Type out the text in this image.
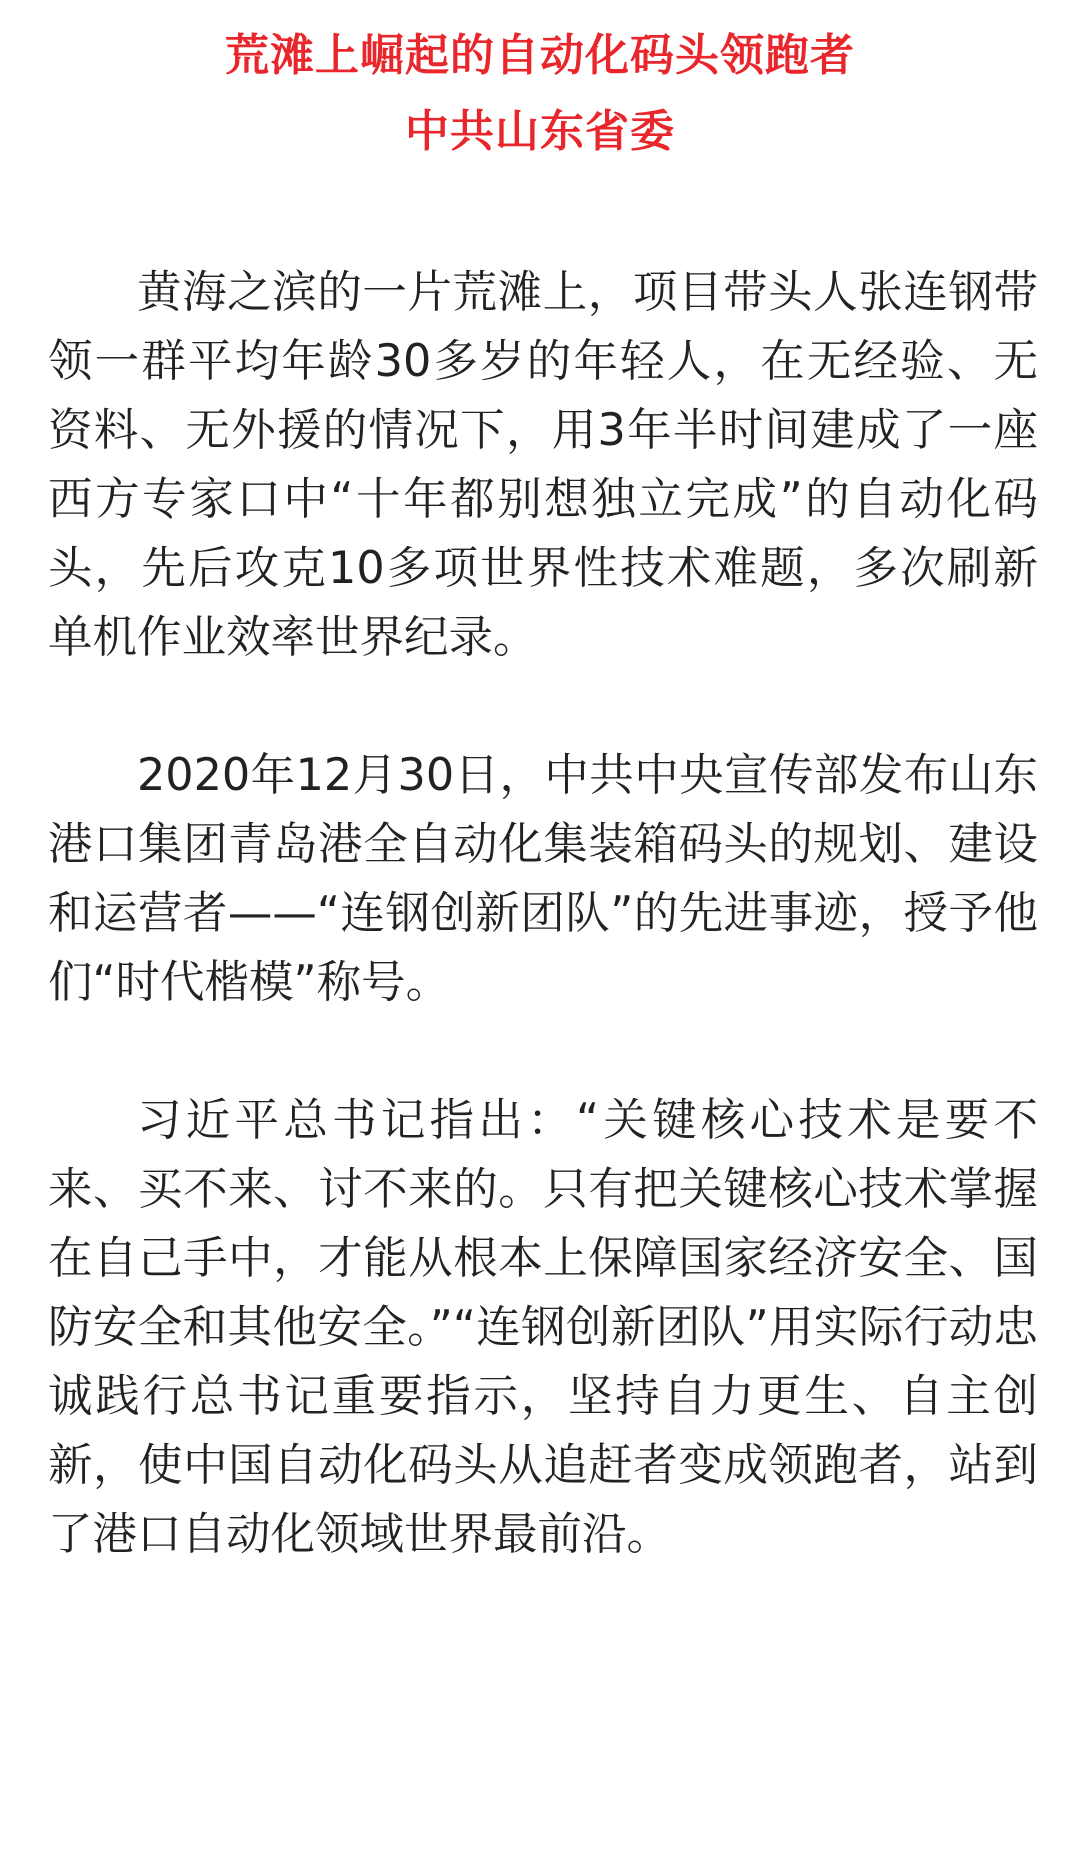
荒滩上崛起的自动化码头领跑者
中共山东省委

黄海之滨的一片荒滩上，项目带头人张连钢带领一群平均年龄30多岁的年轻人，在无经验、无资料、无外援的情况下，用3年半时间建成了一座西方专家口中“十年都别想独立完成”的自动化码头，先后攻克10多项世界性技术难题，多次刷新单机作业效率世界纪录。

2020年12月30日，中共中央宣传部发布山东港口集团青岛港全自动化集装箱码头的规划、建设和运营者——“连钢创新团队”的先进事迹，授予他们“时代楷模”称号。

习近平总书记指出：“关键核心技术是要不来、买不来、讨不来的。只有把关键核心技术掌握在自己手中，才能从根本上保障国家经济安全、国防安全和其他安全。”“连钢创新团队”用实际行动忠诚践行总书记重要指示，坚持自力更生、自主创新，使中国自动化码头从追赶者变成领跑者，站到了港口自动化领域世界最前沿。
